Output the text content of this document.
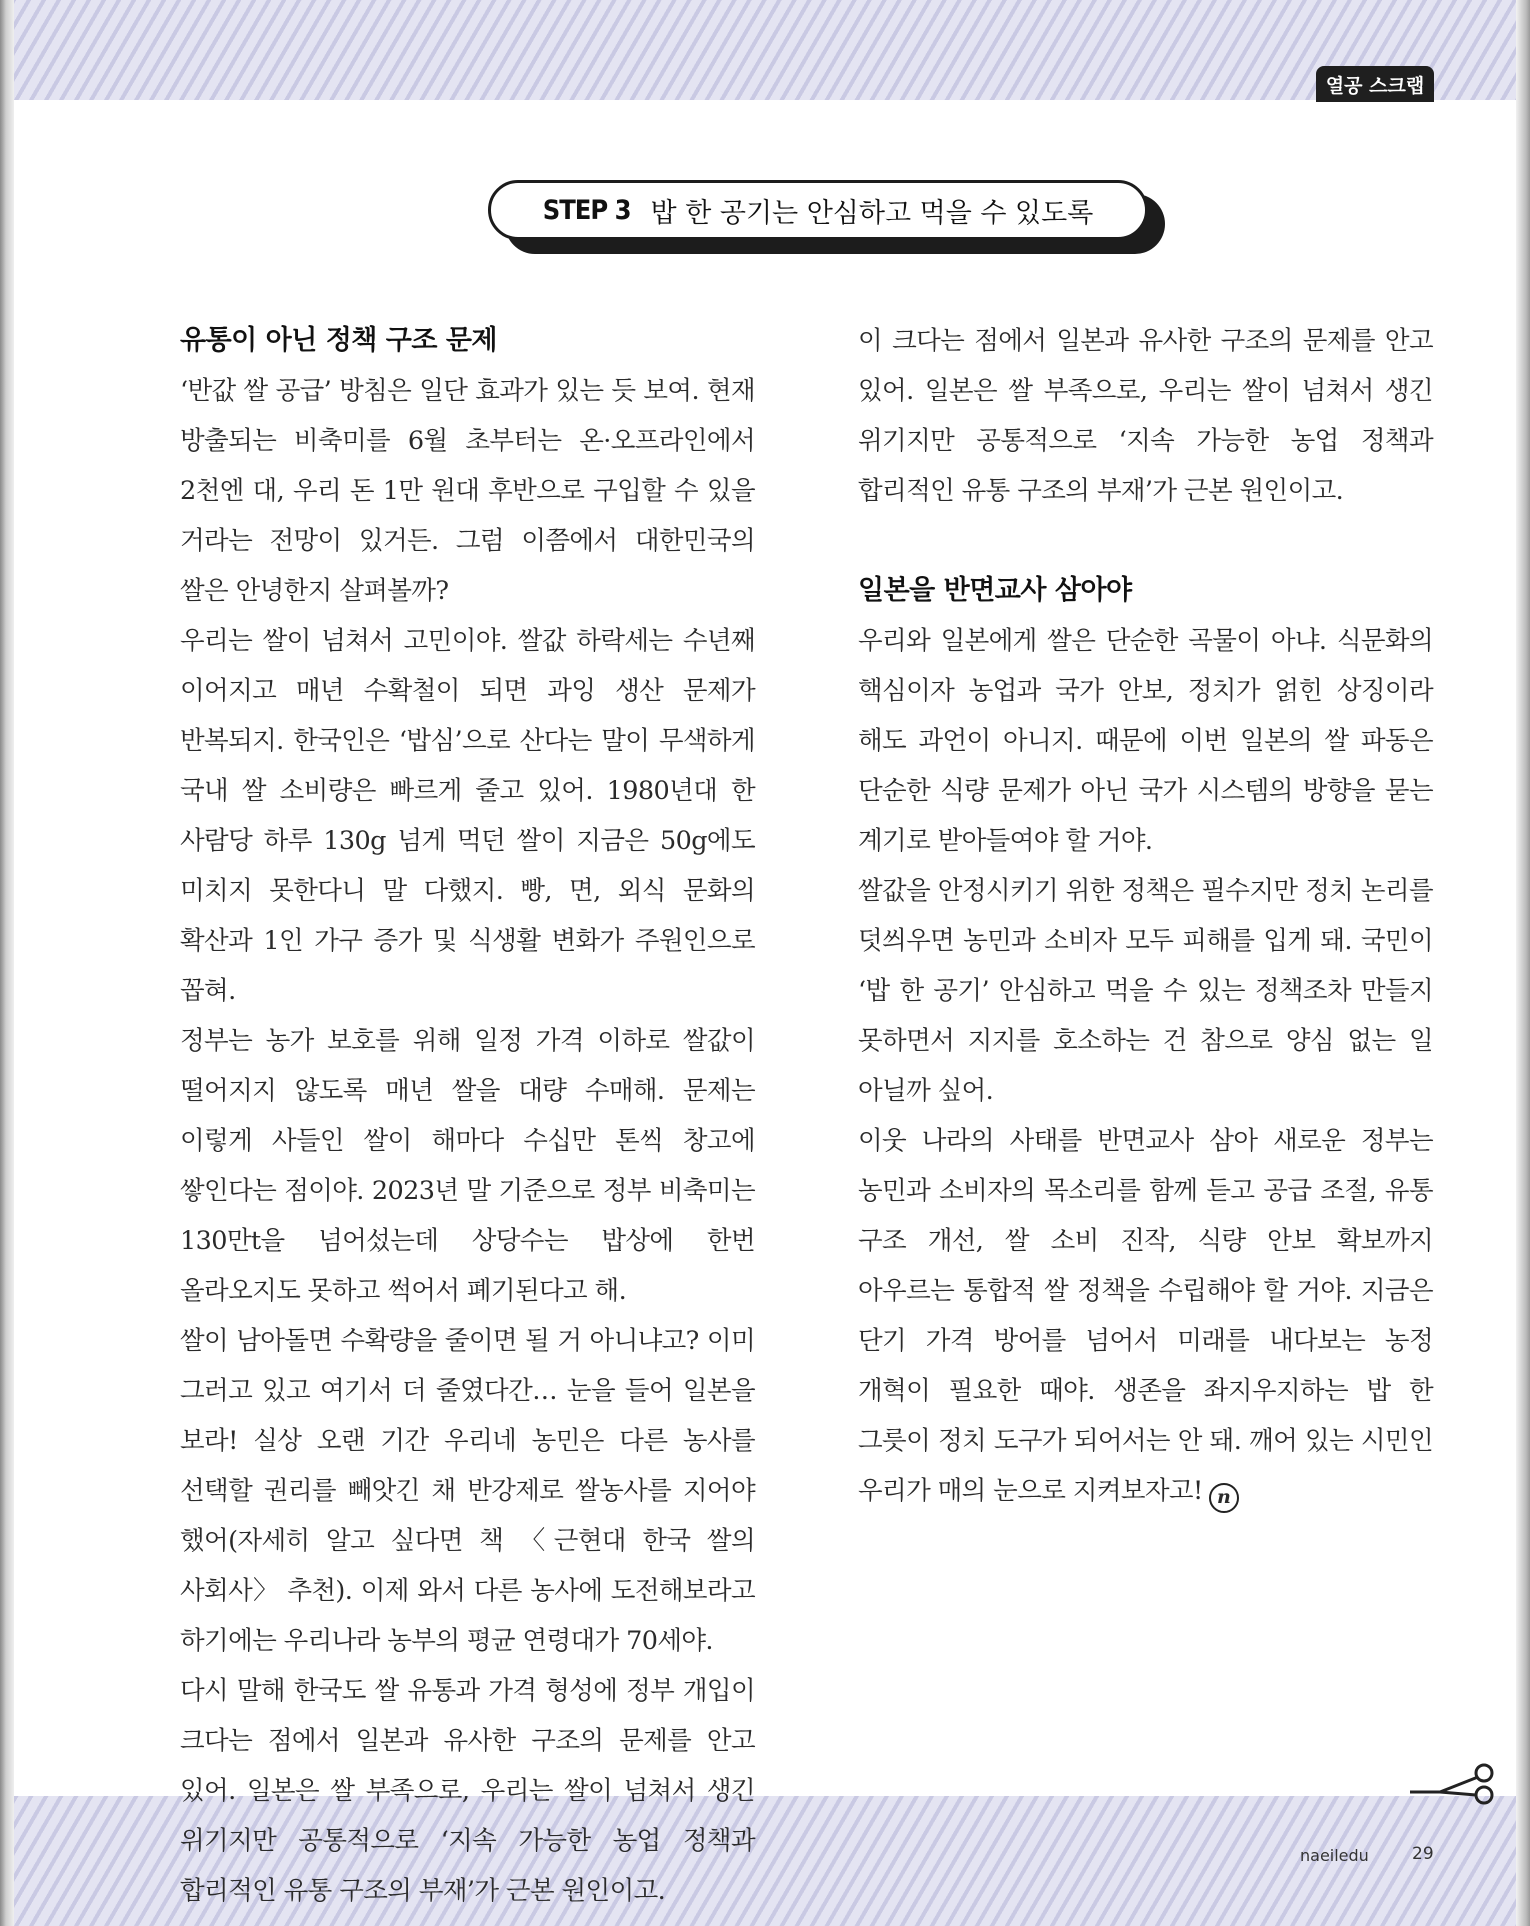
열공 스크랩
STEP 3 밥 한 공기는 안심하고 먹을 수 있도록
유통이 아닌 정책 구조 문제

‘반값 쌀 공급’ 방침은 일단 효과가 있는 듯 보여. 현재 방출되는 비축미를 6월 초부터는 온·오프라인에서 2천엔 대, 우리 돈 1만 원대 후반으로 구입할 수 있을 거라는 전망이 있거든. 그럼 이쯤에서 대한민국의 쌀은 안녕한지 살펴볼까?

우리는 쌀이 넘쳐서 고민이야. 쌀값 하락세는 수년째 이어지고 매년 수확철이 되면 과잉 생산 문제가 반복되지. 한국인은 ‘밥심’으로 산다는 말이 무색하게 국내 쌀 소비량은 빠르게 줄고 있어. 1980년대 한 사람당 하루 130g 넘게 먹던 쌀이 지금은 50g에도 미치지 못한다니 말 다했지. 빵, 면, 외식 문화의 확산과 1인 가구 증가 및 식생활 변화가 주원인으로 꼽혀.

정부는 농가 보호를 위해 일정 가격 이하로 쌀값이 떨어지지 않도록 매년 쌀을 대량 수매해. 문제는 이렇게 사들인 쌀이 해마다 수십만 톤씩 창고에 쌓인다는 점이야. 2023년 말 기준으로 정부 비축미는 130만t을 넘어섰는데 상당수는 밥상에 한번 올라오지도 못하고 썩어서 폐기된다고 해.

쌀이 남아돌면 수확량을 줄이면 될 거 아니냐고? 이미 그러고 있고 여기서 더 줄였다간… 눈을 들어 일본을 보라! 실상 오랜 기간 우리네 농민은 다른 농사를 선택할 권리를 빼앗긴 채 반강제로 쌀농사를 지어야 했어(자세히 알고 싶다면 책 〈근현대 한국 쌀의 사회사〉 추천). 이제 와서 다른 농사에 도전해보라고 하기에는 우리나라 농부의 평균 연령대가 70세야.

다시 말해 한국도 쌀 유통과 가격 형성에 정부 개입이 크다는 점에서 일본과 유사한 구조의 문제를 안고 있어. 일본은 쌀 부족으로, 우리는 쌀이 넘쳐서 생긴 위기지만 공통적으로 ‘지속 가능한 농업 정책과 합리적인 유통 구조의 부재’가 근본 원인이고.

이 크다는 점에서 일본과 유사한 구조의 문제를 안고 있어. 일본은 쌀 부족으로, 우리는 쌀이 넘쳐서 생긴 위기지만 공통적으로 ‘지속 가능한 농업 정책과 합리적인 유통 구조의 부재’가 근본 원인이고.

일본을 반면교사 삼아야

우리와 일본에게 쌀은 단순한 곡물이 아냐. 식문화의 핵심이자 농업과 국가 안보, 정치가 얽힌 상징이라 해도 과언이 아니지. 때문에 이번 일본의 쌀 파동은 단순한 식량 문제가 아닌 국가 시스템의 방향을 묻는 계기로 받아들여야 할 거야.

쌀값을 안정시키기 위한 정책은 필수지만 정치 논리를 덧씌우면 농민과 소비자 모두 피해를 입게 돼. 국민이 ‘밥 한 공기’ 안심하고 먹을 수 있는 정책조차 만들지 못하면서 지지를 호소하는 건 참으로 양심 없는 일 아닐까 싶어.

이웃 나라의 사태를 반면교사 삼아 새로운 정부는 농민과 소비자의 목소리를 함께 듣고 공급 조절, 유통 구조 개선, 쌀 소비 진작, 식량 안보 확보까지 아우르는 통합적 쌀 정책을 수립해야 할 거야. 지금은 단기 가격 방어를 넘어서 미래를 내다보는 농정 개혁이 필요한 때야. 생존을 좌지우지하는 밥 한 그릇이 정치 도구가 되어서는 안 돼. 깨어 있는 시민인 우리가 매의 눈으로 지켜보자고! n

naeiledu	29
